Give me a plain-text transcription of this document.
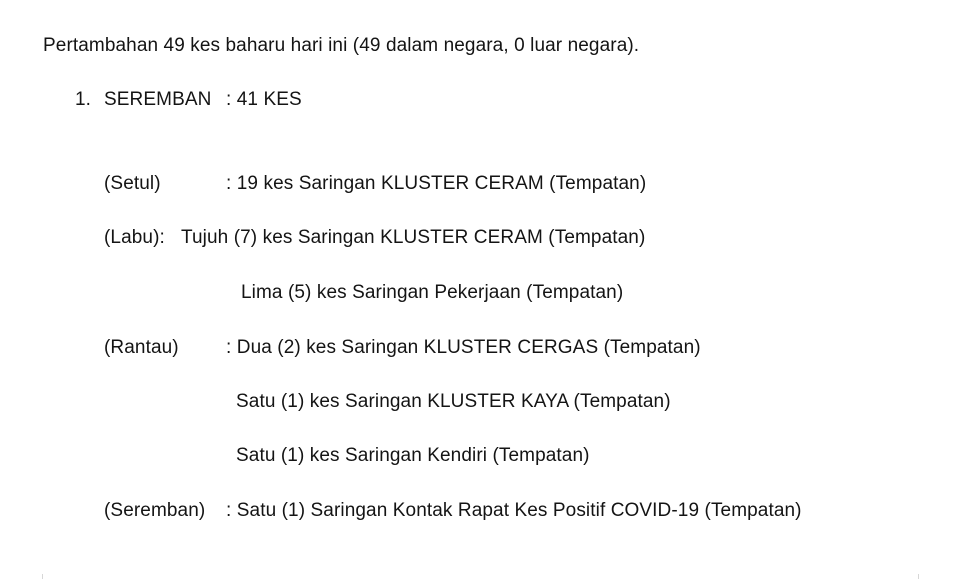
Pertambahan 49 kes baharu hari ini (49 dalam negara, 0 luar negara).
1. SEREMBAN : 41 KES
(Setul)	: 19 kes Saringan KLUSTER CERAM (Tempatan)
(Labu): Tujuh (7) kes Saringan KLUSTER CERAM (Tempatan)
Lima (5) kes Saringan Pekerjaan (Tempatan)
(Rantau) : Dua (2) kes Saringan KLUSTER CERGAS (Tempatan)
Satu (1) kes Saringan KLUSTER KAYA (Tempatan)
Satu (1) kes Saringan Kendiri (Tempatan)
(Seremban) : Satu (1) Saringan Kontak Rapat Kes Positif COVID-19 (Tempatan)
